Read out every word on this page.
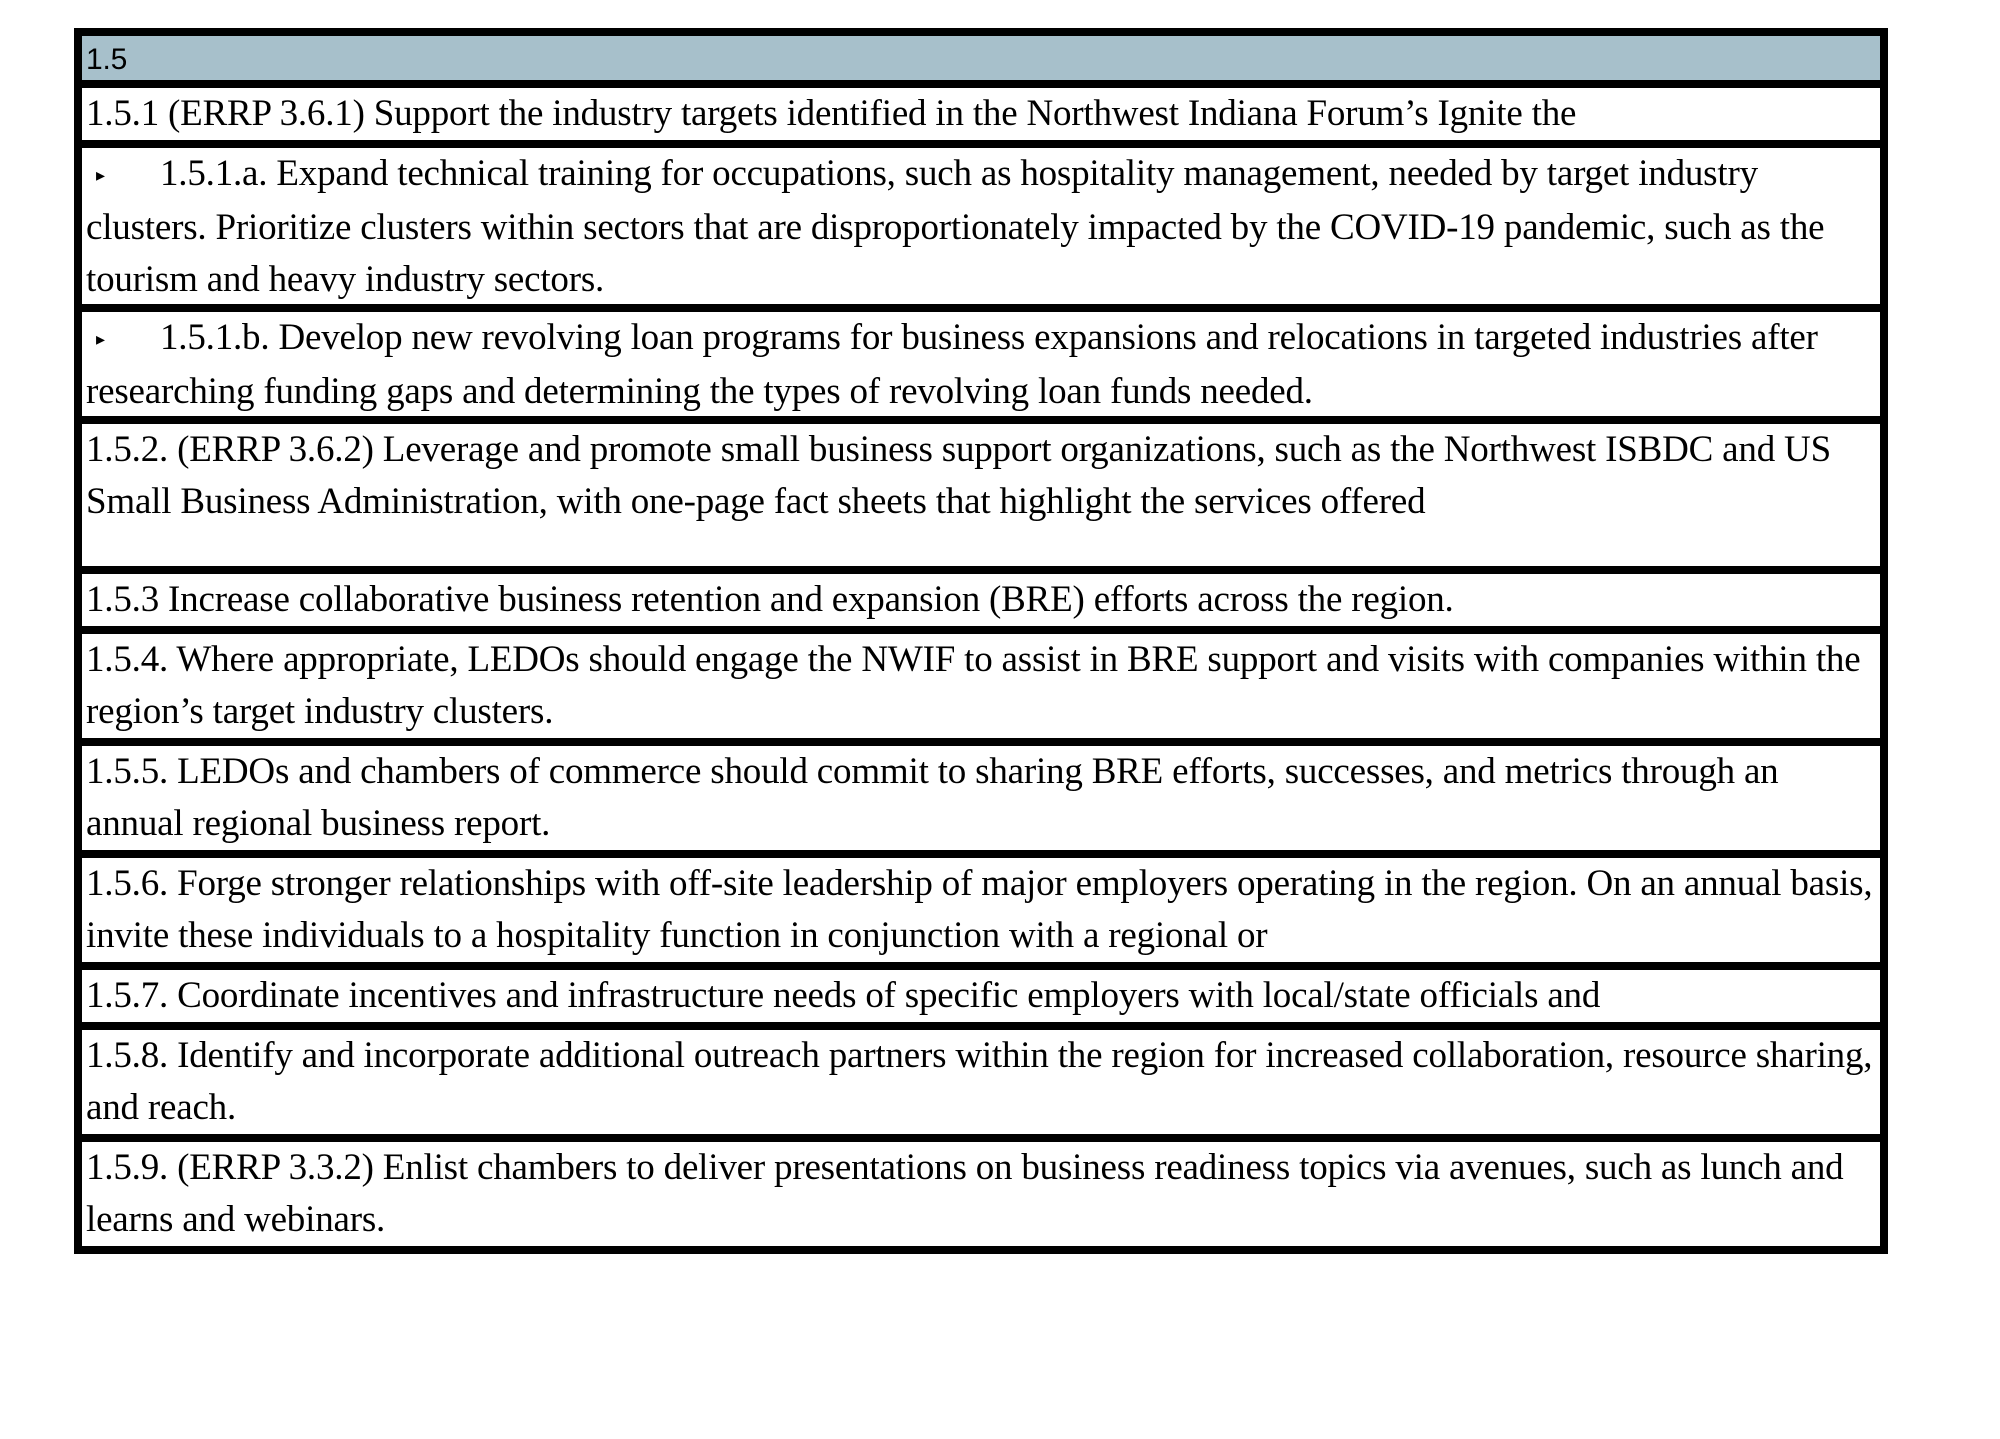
1.5
1.5.1 (ERRP 3.6.1) Support the industry targets identified in the Northwest Indiana Forum’s Ignite the
▸ 1.5.1.a. Expand technical training for occupations, such as hospitality management, needed by target industry clusters. Prioritize clusters within sectors that are disproportionately impacted by the COVID-19 pandemic, such as the tourism and heavy industry sectors.
▸ 1.5.1.b. Develop new revolving loan programs for business expansions and relocations in targeted industries after researching funding gaps and determining the types of revolving loan funds needed.
1.5.2. (ERRP 3.6.2) Leverage and promote small business support organizations, such as the Northwest ISBDC and US Small Business Administration, with one-page fact sheets that highlight the services offered
1.5.3 Increase collaborative business retention and expansion (BRE) efforts across the region.
1.5.4. Where appropriate, LEDOs should engage the NWIF to assist in BRE support and visits with companies within the region’s target industry clusters.
1.5.5. LEDOs and chambers of commerce should commit to sharing BRE efforts, successes, and metrics through an annual regional business report.
1.5.6. Forge stronger relationships with off-site leadership of major employers operating in the region. On an annual basis, invite these individuals to a hospitality function in conjunction with a regional or
1.5.7. Coordinate incentives and infrastructure needs of specific employers with local/state officials and
1.5.8. Identify and incorporate additional outreach partners within the region for increased collaboration, resource sharing, and reach.
1.5.9. (ERRP 3.3.2) Enlist chambers to deliver presentations on business readiness topics via avenues, such as lunch and learns and webinars.
